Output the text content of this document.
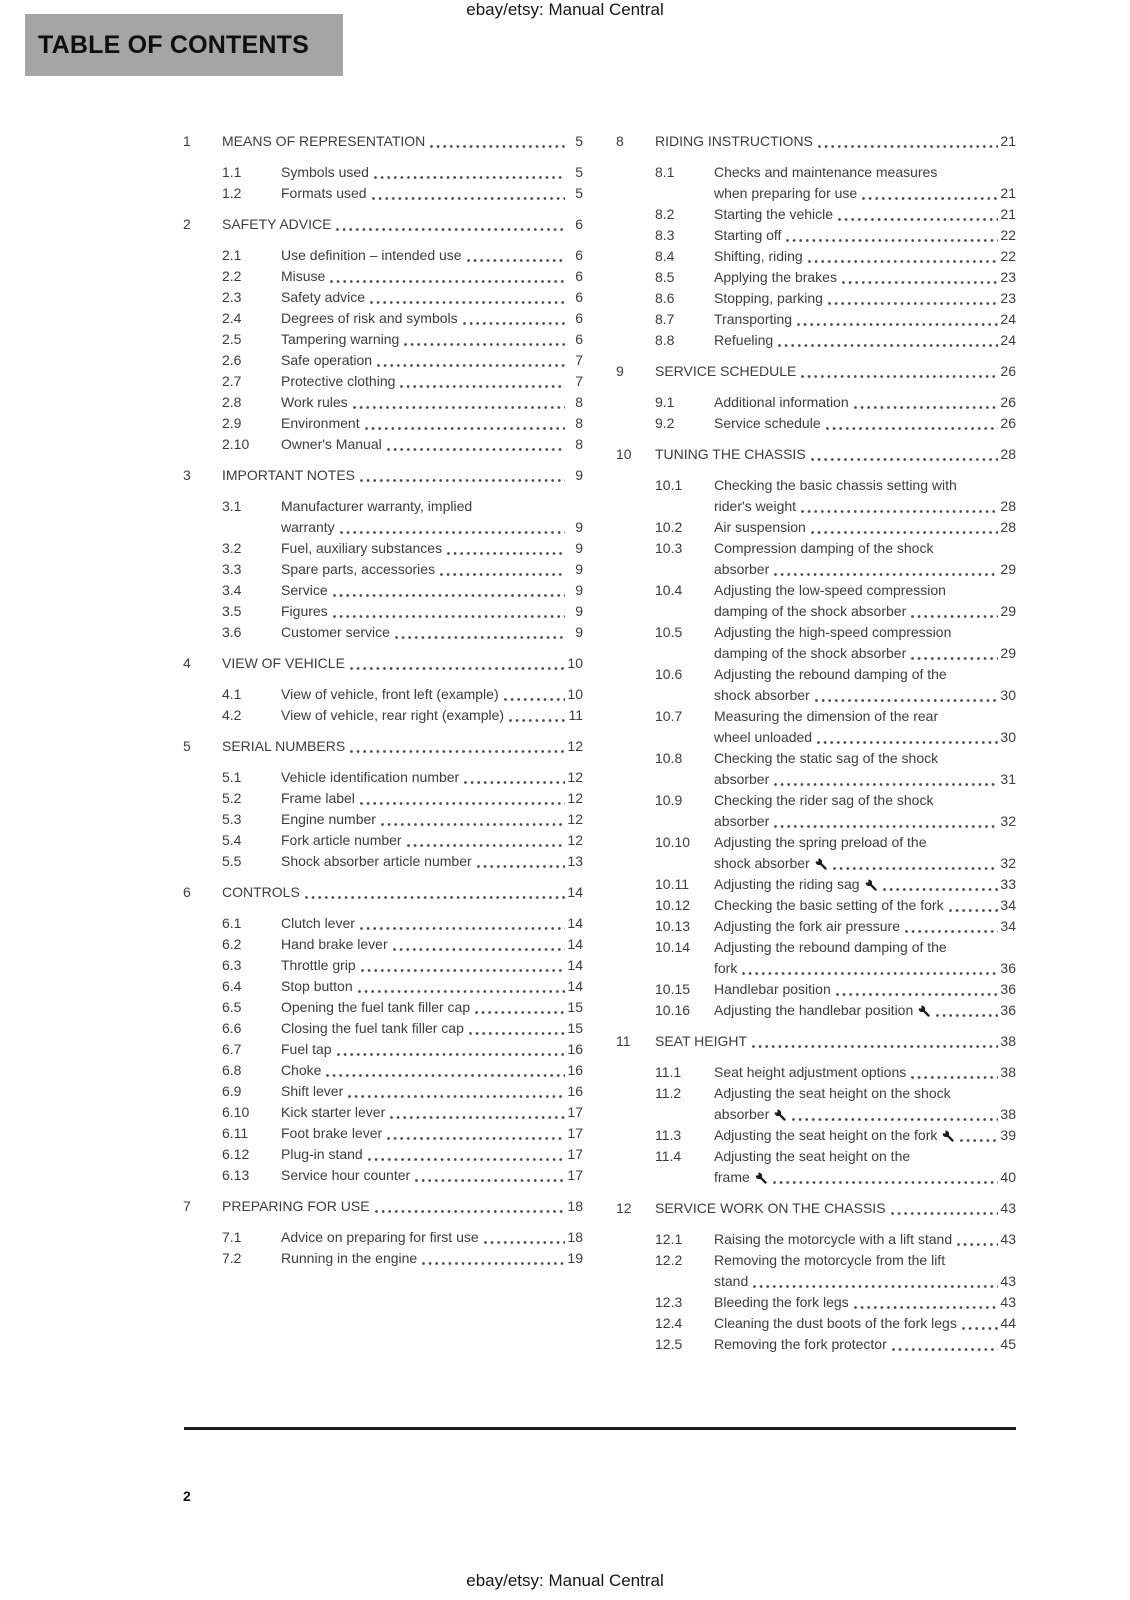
ebay/etsy: Manual Central
TABLE OF CONTENTS
1 MEANS OF REPRESENTATION	5
1.1	Symbols used	5
1.2	Formats used	5
2 SAFETY ADVICE	6
2.1	Use definition – intended use	6
2.2	Misuse	6
2.3	Safety advice	6
2.4	Degrees of risk and symbols	6
2.5	Tampering warning	6
2.6	Safe operation	7
2.7	Protective clothing	7
2.8	Work rules	8
2.9	Environment	8
2.10 Owner's Manual	8
3 IMPORTANT NOTES	9
3.1	Manufacturer warranty, implied
warranty	9
3.2	Fuel, auxiliary substances	9
3.3	Spare parts, accessories	9
3.4	Service	9
3.5	Figures	9
3.6	Customer service	9
4 VIEW OF VEHICLE	10
4.1	View of vehicle, front left (example)	10
4.2	View of vehicle, rear right (example)	11
5 SERIAL NUMBERS	12
5.1	Vehicle identification number	12
5.2	Frame label	12
5.3	Engine number	12
5.4	Fork article number	12
5.5	Shock absorber article number	13
6 CONTROLS	14
6.1	Clutch lever	14
6.2	Hand brake lever	14
6.3	Throttle grip	14
6.4	Stop button	14
6.5	Opening the fuel tank filler cap	15
6.6	Closing the fuel tank filler cap	15
6.7	Fuel tap	16
6.8	Choke	16
6.9	Shift lever	16
6.10 Kick starter lever	17
6.11 Foot brake lever	17
6.12 Plug-in stand	17
6.13 Service hour counter	17
7 PREPARING FOR USE	18
7.1	Advice on preparing for first use	18
7.2	Running in the engine	19
8 RIDING INSTRUCTIONS	21
8.1	Checks and maintenance measures
when preparing for use	21
8.2	Starting the vehicle	21
8.3	Starting off	22
8.4	Shifting, riding	22
8.5	Applying the brakes	23
8.6	Stopping, parking	23
8.7	Transporting	24
8.8	Refueling	24
9 SERVICE SCHEDULE	26
9.1	Additional information	26
9.2	Service schedule	26
10 TUNING THE CHASSIS	28
10.1 Checking the basic chassis setting with
rider's weight	28
10.2 Air suspension	28
10.3 Compression damping of the shock
absorber	29
10.4 Adjusting the low-speed compression
damping of the shock absorber	29
10.5 Adjusting the high-speed compression
damping of the shock absorber	29
10.6 Adjusting the rebound damping of the
shock absorber	30
10.7 Measuring the dimension of the rear
wheel unloaded	30
10.8 Checking the static sag of the shock
absorber	31
10.9 Checking the rider sag of the shock
absorber	32
10.10 Adjusting the spring preload of the
shock absorber	32
10.11 Adjusting the riding sag	33
10.12 Checking the basic setting of the fork	34
10.13 Adjusting the fork air pressure	34
10.14 Adjusting the rebound damping of the
fork	36
10.15 Handlebar position	36
10.16 Adjusting the handlebar position	36
11 SEAT HEIGHT	38
11.1 Seat height adjustment options	38
11.2 Adjusting the seat height on the shock
absorber	38
11.3 Adjusting the seat height on the fork	39
11.4 Adjusting the seat height on the
frame	40
12 SERVICE WORK ON THE CHASSIS	43
12.1 Raising the motorcycle with a lift stand	43
12.2 Removing the motorcycle from the lift
stand	43
12.3 Bleeding the fork legs	43
12.4 Cleaning the dust boots of the fork legs	44
12.5 Removing the fork protector	45
2
ebay/etsy: Manual Central
